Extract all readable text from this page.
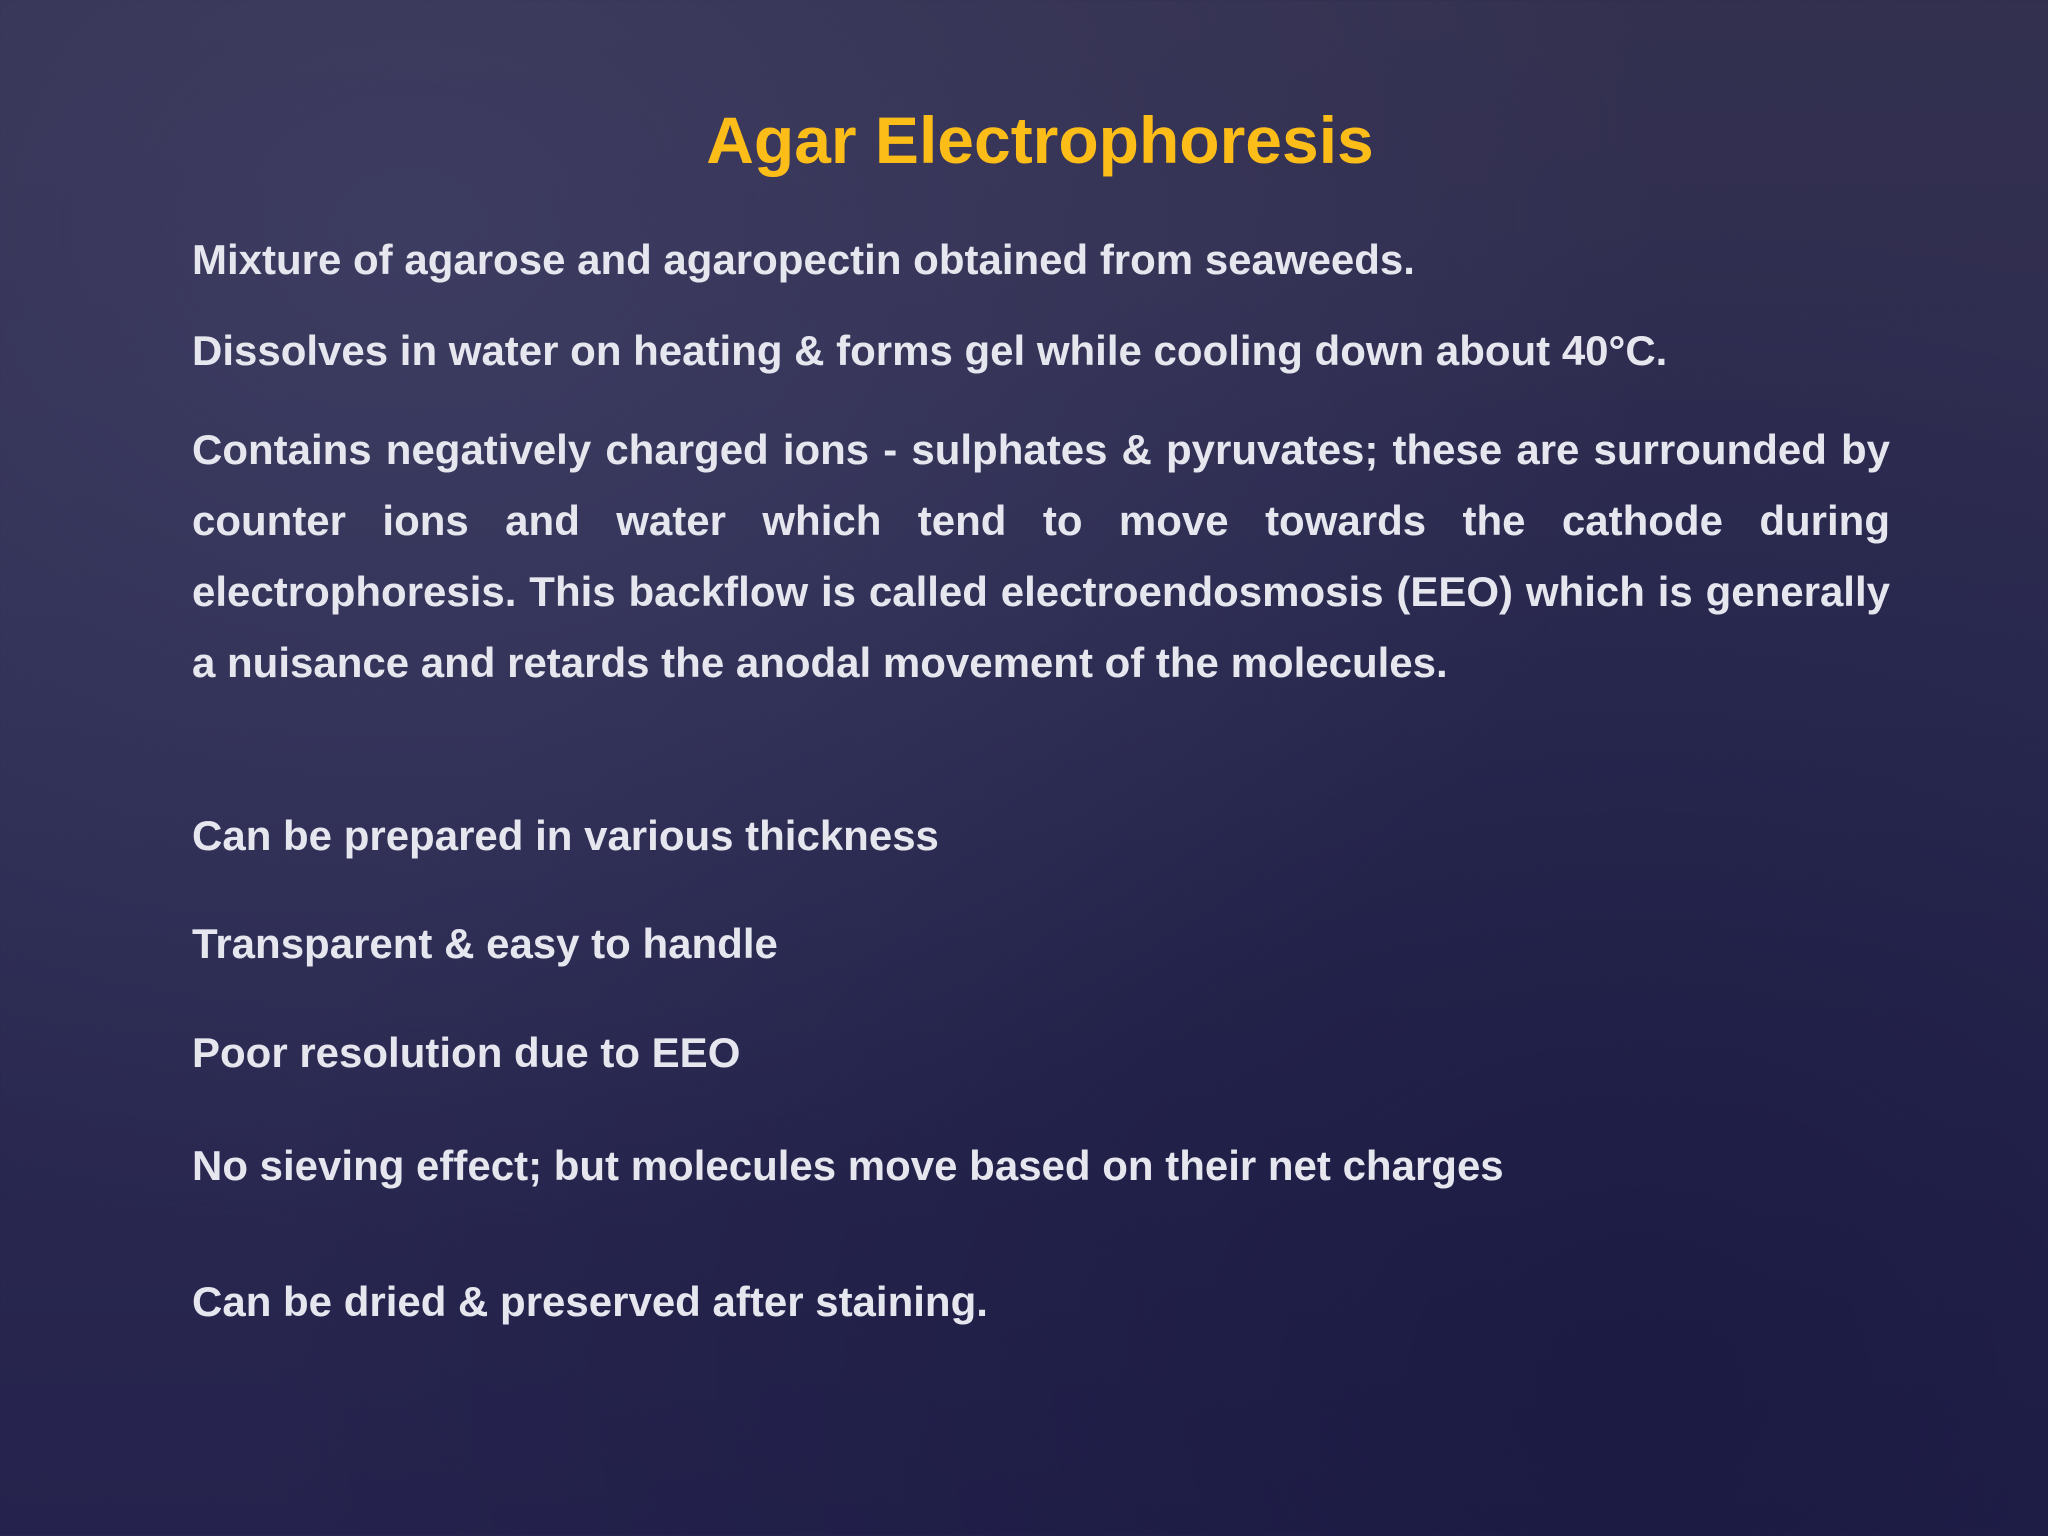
Agar Electrophoresis

Mixture of agarose and agaropectin obtained from seaweeds.

Dissolves in water on heating & forms gel while cooling down about 40°C.

Contains negatively charged ions - sulphates & pyruvates; these are surrounded by counter ions and water which tend to move towards the cathode during electrophoresis. This backflow is called electroendosmosis (EEO) which is generally a nuisance and retards the anodal movement of the molecules.

Can be prepared in various thickness

Transparent & easy to handle

Poor resolution due to EEO

No sieving effect; but molecules move based on their net charges

Can be dried & preserved after staining.
